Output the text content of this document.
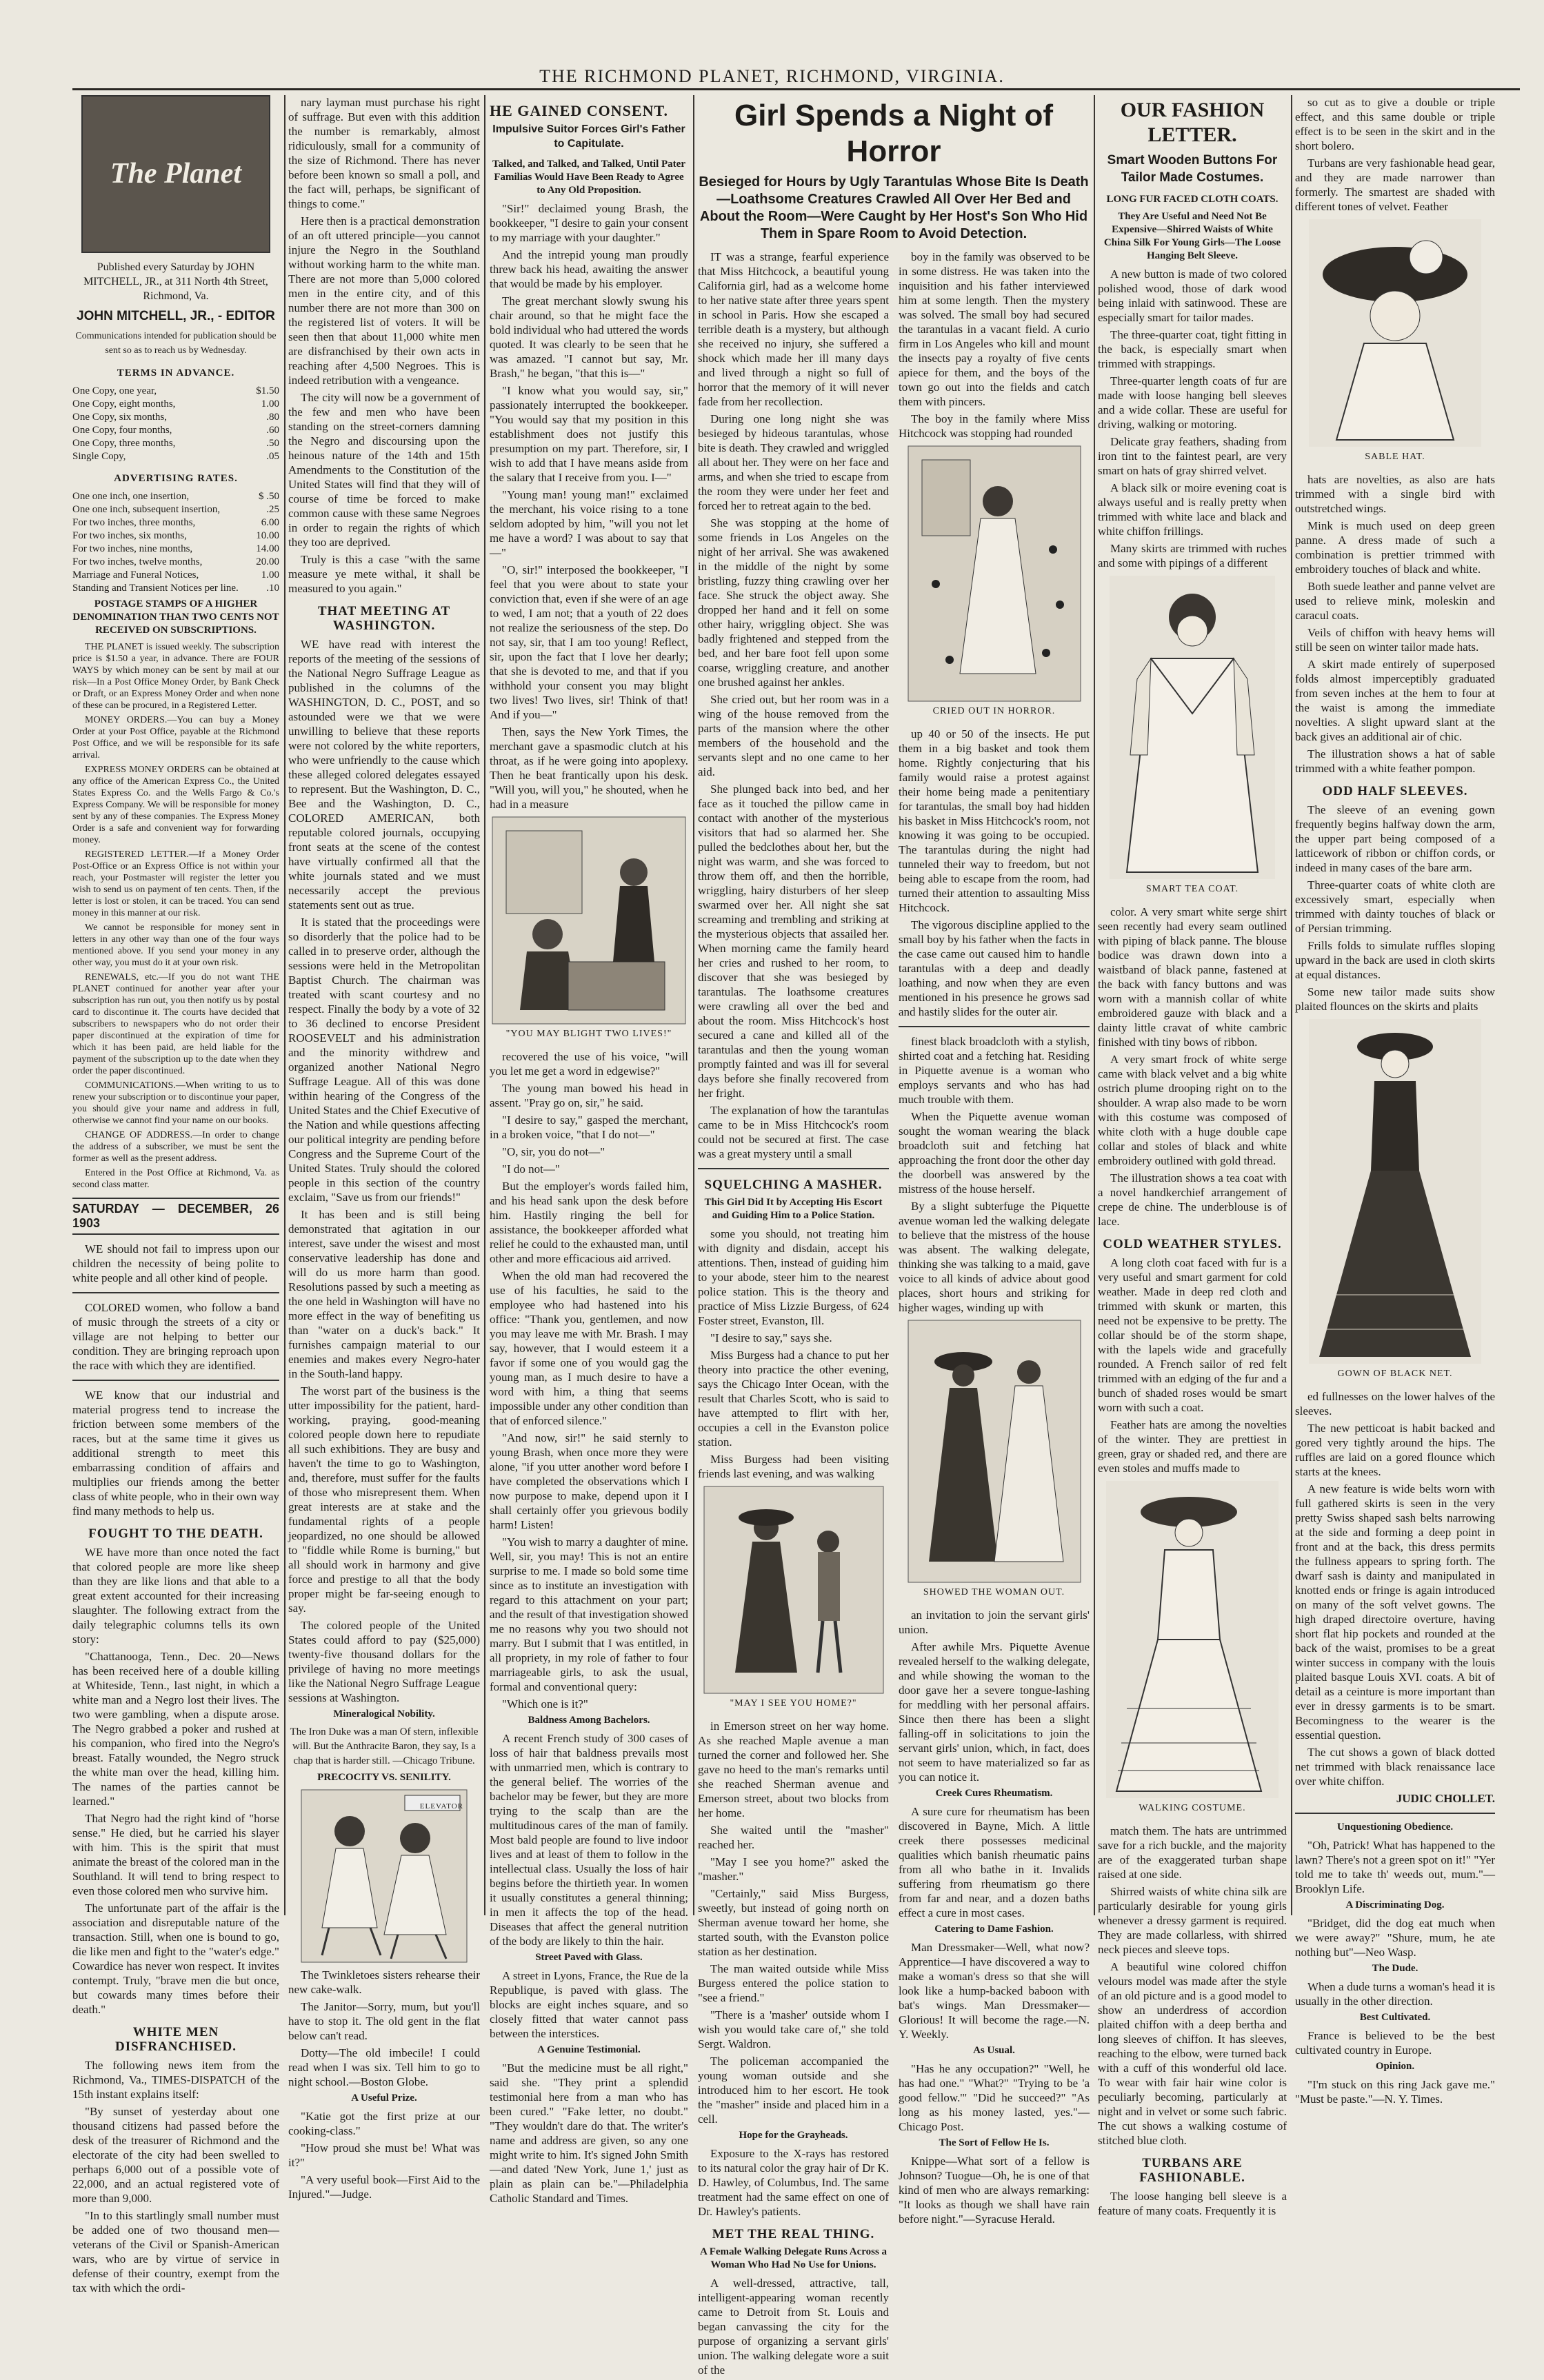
THE RICHMOND PLANET, RICHMOND, VIRGINIA.
The Planet
Published every Saturday by JOHN MITCHELL, JR., at 311 North 4th Street, Richmond, Va.
JOHN MITCHELL, JR., - EDITOR
Communications intended for publication should be sent so as to reach us by Wednesday.
TERMS IN ADVANCE.
One Copy, one year,	$1.50
One Copy, eight months,	1.00
One Copy, six months,	.80
One Copy, four months,	.60
One Copy, three months,	.50
Single Copy,	.05
ADVERTISING RATES.
One one inch, one insertion,	$ .50
One one inch, subsequent insertion,	.25
For two inches, three months,	6.00
For two inches, six months,	10.00
For two inches, nine months,	14.00
For two inches, twelve months,	20.00
Marriage and Funeral Notices,	1.00
Standing and Transient Notices per line.	.10
POSTAGE STAMPS OF A HIGHER DENOMINATION THAN TWO CENTS NOT RECEIVED ON SUBSCRIPTIONS.

THE PLANET is issued weekly. The subscription price is $1.50 a year, in advance. There are FOUR WAYS by which money can be sent by mail at our risk—In a Post Office Money Order, by Bank Check or Draft, or an Express Money Order and when none of these can be procured, in a Registered Letter.

MONEY ORDERS.—You can buy a Money Order at your Post Office, payable at the Richmond Post Office, and we will be responsible for its safe arrival.

EXPRESS MONEY ORDERS can be obtained at any office of the American Express Co., the United States Express Co. and the Wells Fargo & Co.'s Express Company. We will be responsible for money sent by any of these companies. The Express Money Order is a safe and convenient way for forwarding money.

REGISTERED LETTER.—If a Money Order Post-Office or an Express Office is not within your reach, your Postmaster will register the letter you wish to send us on payment of ten cents. Then, if the letter is lost or stolen, it can be traced. You can send money in this manner at our risk.

We cannot be responsible for money sent in letters in any other way than one of the four ways mentioned above. If you send your money in any other way, you must do it at your own risk.

RENEWALS, etc.—If you do not want THE PLANET continued for another year after your subscription has run out, you then notify us by postal card to discontinue it. The courts have decided that subscribers to newspapers who do not order their paper discontinued at the expiration of time for which it has been paid, are held liable for the payment of the subscription up to the date when they order the paper discontinued.

COMMUNICATIONS.—When writing to us to renew your subscription or to discontinue your paper, you should give your name and address in full, otherwise we cannot find your name on our books.

CHANGE OF ADDRESS.—In order to change the address of a subscriber, we must be sent the former as well as the present address.

Entered in the Post Office at Richmond, Va. as second class matter.

SATURDAY — DECEMBER, 26 1903

WE should not fail to impress upon our children the necessity of being polite to white people and all other kind of people.

COLORED women, who follow a band of music through the streets of a city or village are not helping to better our condition. They are bringing reproach upon the race with which they are identified.

WE know that our industrial and material progress tend to increase the friction between some members of the races, but at the same time it gives us additional strength to meet this embarrassing condition of affairs and multiplies our friends among the better class of white people, who in their own way find many methods to help us.

FOUGHT TO THE DEATH.

WE have more than once noted the fact that colored people are more like sheep than they are like lions and that able to a great extent accounted for their increasing slaughter. The following extract from the daily telegraphic columns tells its own story:

"Chattanooga, Tenn., Dec. 20—News has been received here of a double killing at Whiteside, Tenn., last night, in which a white man and a Negro lost their lives. The two were gambling, when a dispute arose. The Negro grabbed a poker and rushed at his companion, who fired into the Negro's breast. Fatally wounded, the Negro struck the white man over the head, killing him. The names of the parties cannot be learned."

That Negro had the right kind of "horse sense." He died, but he carried his slayer with him. This is the spirit that must animate the breast of the colored man in the Southland. It will tend to bring respect to even those colored men who survive him.

The unfortunate part of the affair is the association and disreputable nature of the transaction. Still, when one is bound to go, die like men and fight to the "water's edge." Cowardice has never won respect. It invites contempt. Truly, "brave men die but once, but cowards many times before their death."

WHITE MEN DISFRANCHISED.

The following news item from the Richmond, Va., TIMES-DISPATCH of the 15th instant explains itself:

"By sunset of yesterday about one thousand citizens had passed before the desk of the treasurer of Richmond and the electorate of the city had been swelled to perhaps 6,000 out of a possible vote of 22,000, and an actual registered vote of more than 9,000.

"In to this startlingly small number must be added one of two thousand men—veterans of the Civil or Spanish-American wars, who are by virtue of service in defense of their country, exempt from the tax with which the ordi-

nary layman must purchase his right of suffrage. But even with this addition the number is remarkably, almost ridiculously, small for a community of the size of Richmond. There has never before been known so small a poll, and the fact will, perhaps, be significant of things to come."

Here then is a practical demonstration of an oft uttered principle—you cannot injure the Negro in the Southland without working harm to the white man. There are not more than 5,000 colored men in the entire city, and of this number there are not more than 300 on the registered list of voters. It will be seen then that about 11,000 white men are disfranchised by their own acts in reaching after 4,500 Negroes. This is indeed retribution with a vengeance.

The city will now be a government of the few and men who have been standing on the street-corners damning the Negro and discoursing upon the heinous nature of the 14th and 15th Amendments to the Constitution of the United States will find that they will of course of time be forced to make common cause with these same Negroes in order to regain the rights of which they too are deprived.

Truly is this a case "with the same measure ye mete withal, it shall be measured to you again."

THAT MEETING AT WASHINGTON.

WE have read with interest the reports of the meeting of the sessions of the National Negro Suffrage League as published in the columns of the WASHINGTON, D. C., POST, and so astounded were we that we were unwilling to believe that these reports were not colored by the white reporters, who were unfriendly to the cause which these alleged colored delegates essayed to represent. But the Washington, D. C., Bee and the Washington, D. C., COLORED AMERICAN, both reputable colored journals, occupying front seats at the scene of the contest have virtually confirmed all that the white journals stated and we must necessarily accept the previous statements sent out as true.

It is stated that the proceedings were so disorderly that the police had to be called in to preserve order, although the sessions were held in the Metropolitan Baptist Church. The chairman was treated with scant courtesy and no respect. Finally the body by a vote of 32 to 36 declined to encorse President ROOSEVELT and his administration and the minority withdrew and organized another National Negro Suffrage League. All of this was done within hearing of the Congress of the United States and the Chief Executive of the Nation and while questions affecting our political integrity are pending before Congress and the Supreme Court of the United States. Truly should the colored people in this section of the country exclaim, "Save us from our friends!"

It has been and is still being demonstrated that agitation in our interest, save under the wisest and most conservative leadership has done and will do us more harm than good. Resolutions passed by such a meeting as the one held in Washington will have no more effect in the way of benefiting us than "water on a duck's back." It furnishes campaign material to our enemies and makes every Negro-hater in the South-land happy.

The worst part of the business is the utter impossibility for the patient, hard-working, praying, good-meaning colored people down here to repudiate all such exhibitions. They are busy and haven't the time to go to Washington, and, therefore, must suffer for the faults of those who misrepresent them. When great interests are at stake and the fundamental rights of a people jeopardized, no one should be allowed to "fiddle while Rome is burning," but all should work in harmony and give force and prestige to all that the body proper might be far-seeing enough to say.

The colored people of the United States could afford to pay ($25,000) twenty-five thousand dollars for the privilege of having no more meetings like the National Negro Suffrage League sessions at Washington.

Mineralogical Nobility.

The Iron Duke was a man Of stern, inflexible will. But the Anthracite Baron, they say, Is a chap that is harder still. —Chicago Tribune.

PRECOCITY VS. SENILITY.
ELEVATOR

The Twinkletoes sisters rehearse their new cake-walk.

The Janitor—Sorry, mum, but you'll have to stop it. The old gent in the flat below can't read.

Dotty—The old imbecile! I could read when I was six. Tell him to go to night school.—Boston Globe.

A Useful Prize.

"Katie got the first prize at our cooking-class."

"How proud she must be! What was it?"

"A very useful book—First Aid to the Injured."—Judge.

HE GAINED CONSENT.
Impulsive Suitor Forces Girl's Father to Capitulate.
Talked, and Talked, and Talked, Until Pater Familias Would Have Been Ready to Agree to Any Old Proposition.

"Sir!" declaimed young Brash, the bookkeeper, "I desire to gain your consent to my marriage with your daughter."

And the intrepid young man proudly threw back his head, awaiting the answer that would be made by his employer.

The great merchant slowly swung his chair around, so that he might face the bold individual who had uttered the words quoted. It was clearly to be seen that he was amazed. "I cannot but say, Mr. Brash," he began, "that this is—"

"I know what you would say, sir," passionately interrupted the bookkeeper. "You would say that my position in this establishment does not justify this presumption on my part. Therefore, sir, I wish to add that I have means aside from the salary that I receive from you. I—"

"Young man! young man!" exclaimed the merchant, his voice rising to a tone seldom adopted by him, "will you not let me have a word? I was about to say that—"

"O, sir!" interposed the bookkeeper, "I feel that you were about to state your conviction that, even if she were of an age to wed, I am not; that a youth of 22 does not realize the seriousness of the step. Do not say, sir, that I am too young! Reflect, sir, upon the fact that I love her dearly; that she is devoted to me, and that if you withhold your consent you may blight two lives! Two lives, sir! Think of that! And if you—"

Then, says the New York Times, the merchant gave a spasmodic clutch at his throat, as if he were going into apoplexy. Then he beat frantically upon his desk. "Will you, will you," he shouted, when he had in a measure

"YOU MAY BLIGHT TWO LIVES!"

recovered the use of his voice, "will you let me get a word in edgewise?"

The young man bowed his head in assent. "Pray go on, sir," he said.

"I desire to say," gasped the merchant, in a broken voice, "that I do not—"

"O, sir, you do not—"

"I do not—"

But the employer's words failed him, and his head sank upon the desk before him. Hastily ringing the bell for assistance, the bookkeeper afforded what relief he could to the exhausted man, until other and more efficacious aid arrived.

When the old man had recovered the use of his faculties, he said to the employee who had hastened into his office: "Thank you, gentlemen, and now you may leave me with Mr. Brash. I may say, however, that I would esteem it a favor if some one of you would gag the young man, as I much desire to have a word with him, a thing that seems impossible under any other condition than that of enforced silence."

"And now, sir!" he said sternly to young Brash, when once more they were alone, "if you utter another word before I have completed the observations which I now purpose to make, depend upon it I shall certainly offer you grievous bodily harm! Listen!

"You wish to marry a daughter of mine. Well, sir, you may! This is not an entire surprise to me. I made so bold some time since as to institute an investigation with regard to this attachment on your part; and the result of that investigation showed me no reasons why you two should not marry. But I submit that I was entitled, in all propriety, in my role of father to four marriageable girls, to ask the usual, formal and conventional query:

"Which one is it?"

Baldness Among Bachelors.

A recent French study of 300 cases of loss of hair that baldness prevails most with unmarried men, which is contrary to the general belief. The worries of the bachelor may be fewer, but they are more trying to the scalp than are the multitudinous cares of the man of family. Most bald people are found to live indoor lives and at least of them to follow in the intellectual class. Usually the loss of hair begins before the thirtieth year. In women it usually constitutes a general thinning; in men it affects the top of the head. Diseases that affect the general nutrition of the body are likely to thin the hair.

Street Paved with Glass.

A street in Lyons, France, the Rue de la Republique, is paved with glass. The blocks are eight inches square, and so closely fitted that water cannot pass between the interstices.

A Genuine Testimonial.

"But the medicine must be all right," said she. "They print a splendid testimonial here from a man who has been cured." "Fake letter, no doubt." "They wouldn't dare do that. The writer's name and address are given, so any one might write to him. It's signed John Smith—and dated 'New York, June 1,' just as plain as plain can be."—Philadelphia Catholic Standard and Times.

Girl Spends a Night of Horror
Besieged for Hours by Ugly Tarantulas Whose Bite Is Death—Loathsome Creatures Crawled All Over Her Bed and About the Room—Were Caught by Her Host's Son Who Hid Them in Spare Room to Avoid Detection.

IT was a strange, fearful experience that Miss Hitchcock, a beautiful young California girl, had as a welcome home to her native state after three years spent in school in Paris. How she escaped a terrible death is a mystery, but although she received no injury, she suffered a shock which made her ill many days and lived through a night so full of horror that the memory of it will never fade from her recollection.

During one long night she was besieged by hideous tarantulas, whose bite is death. They crawled and wriggled all about her. They were on her face and arms, and when she tried to escape from the room they were under her feet and forced her to retreat again to the bed.

She was stopping at the home of some friends in Los Angeles on the night of her arrival. She was awakened in the middle of the night by some bristling, fuzzy thing crawling over her face. She struck the object away. She dropped her hand and it fell on some other hairy, wriggling object. She was badly frightened and stepped from the bed, and her bare foot fell upon some coarse, wriggling creature, and another one brushed against her ankles.

She cried out, but her room was in a wing of the house removed from the parts of the mansion where the other members of the household and the servants slept and no one came to her aid.

She plunged back into bed, and her face as it touched the pillow came in contact with another of the mysterious visitors that had so alarmed her. She pulled the bedclothes about her, but the night was warm, and she was forced to throw them off, and then the horrible, wriggling, hairy disturbers of her sleep swarmed over her. All night she sat screaming and trembling and striking at the mysterious objects that assailed her. When morning came the family heard her cries and rushed to her room, to discover that she was besieged by tarantulas. The loathsome creatures were crawling all over the bed and about the room. Miss Hitchcock's host secured a cane and killed all of the tarantulas and then the young woman promptly fainted and was ill for several days before she finally recovered from her fright.

The explanation of how the tarantulas came to be in Miss Hitchcock's room could not be secured at first. The case was a great mystery until a small

SQUELCHING A MASHER.
This Girl Did It by Accepting His Escort and Guiding Him to a Police Station.

some you should, not treating him with dignity and disdain, accept his attentions. Then, instead of guiding him to your abode, steer him to the nearest police station. This is the theory and practice of Miss Lizzie Burgess, of 624 Foster street, Evanston, Ill.

"I desire to say," says she.

Miss Burgess had a chance to put her theory into practice the other evening, says the Chicago Inter Ocean, with the result that Charles Scott, who is said to have attempted to flirt with her, occupies a cell in the Evanston police station.

Miss Burgess had been visiting friends last evening, and was walking

"MAY I SEE YOU HOME?"

in Emerson street on her way home. As she reached Maple avenue a man turned the corner and followed her. She gave no heed to the man's remarks until she reached Sherman avenue and Emerson street, about two blocks from her home.

She waited until the "masher" reached her.

"May I see you home?" asked the "masher."

"Certainly," said Miss Burgess, sweetly, but instead of going north on Sherman avenue toward her home, she started south, with the Evanston police station as her destination.

The man waited outside while Miss Burgess entered the police station to "see a friend."

"There is a 'masher' outside whom I wish you would take care of," she told Sergt. Waldron.

The policeman accompanied the young woman outside and she introduced him to her escort. He took the "masher" inside and placed him in a cell.

Hope for the Grayheads.

Exposure to the X-rays has restored to its natural color the gray hair of Dr K. D. Hawley, of Columbus, Ind. The same treatment had the same effect on one of Dr. Hawley's patients.

MET THE REAL THING.
A Female Walking Delegate Runs Across a Woman Who Had No Use for Unions.

A well-dressed, attractive, tall, intelligent-appearing woman recently came to Detroit from St. Louis and began canvassing the city for the purpose of organizing a servant girls' union. The walking delegate wore a suit of the

boy in the family was observed to be in some distress. He was taken into the inquisition and his father interviewed him at some length. Then the mystery was solved. The small boy had secured the tarantulas in a vacant field. A curio firm in Los Angeles who kill and mount the insects pay a royalty of five cents apiece for them, and the boys of the town go out into the fields and catch them with pincers.

The boy in the family where Miss Hitchcock was stopping had rounded

CRIED OUT IN HORROR.

up 40 or 50 of the insects. He put them in a big basket and took them home. Rightly conjecturing that his family would raise a protest against their home being made a penitentiary for tarantulas, the small boy had hidden his basket in Miss Hitchcock's room, not knowing it was going to be occupied. The tarantulas during the night had tunneled their way to freedom, but not being able to escape from the room, had turned their attention to assaulting Miss Hitchcock.

The vigorous discipline applied to the small boy by his father when the facts in the case came out caused him to handle tarantulas with a deep and deadly loathing, and now when they are even mentioned in his presence he grows sad and hastily slides for the outer air.

finest black broadcloth with a stylish, shirted coat and a fetching hat. Residing in Piquette avenue is a woman who employs servants and who has had much trouble with them.

When the Piquette avenue woman sought the woman wearing the black broadcloth suit and fetching hat approaching the front door the other day the doorbell was answered by the mistress of the house herself.

By a slight subterfuge the Piquette avenue woman led the walking delegate to believe that the mistress of the house was absent. The walking delegate, thinking she was talking to a maid, gave voice to all kinds of advice about good places, short hours and striking for higher wages, winding up with

SHOWED THE WOMAN OUT.

an invitation to join the servant girls' union.

After awhile Mrs. Piquette Avenue revealed herself to the walking delegate, and while showing the woman to the door gave her a severe tongue-lashing for meddling with her personal affairs. Since then there has been a slight falling-off in solicitations to join the servant girls' union, which, in fact, does not seem to have materialized so far as you can notice it.

Creek Cures Rheumatism.

A sure cure for rheumatism has been discovered in Bayne, Mich. A little creek there possesses medicinal qualities which banish rheumatic pains from all who bathe in it. Invalids suffering from rheumatism go there from far and near, and a dozen baths effect a cure in most cases.

Catering to Dame Fashion.

Man Dressmaker—Well, what now? Apprentice—I have discovered a way to make a woman's dress so that she will look like a hump-backed baboon with bat's wings. Man Dressmaker—Glorious! It will become the rage.—N. Y. Weekly.

As Usual.

"Has he any occupation?" "Well, he has had one." "What?" "Trying to be 'a good fellow.'" "Did he succeed?" "As long as his money lasted, yes."—Chicago Post.

The Sort of Fellow He Is.

Knippe—What sort of a fellow is Johnson? Tuogue—Oh, he is one of that kind of men who are always remarking: "It looks as though we shall have rain before night."—Syracuse Herald.

OUR FASHION LETTER.
Smart Wooden Buttons For Tailor Made Costumes.
LONG FUR FACED CLOTH COATS.
They Are Useful and Need Not Be Expensive—Shirred Waists of White China Silk For Young Girls—The Loose Hanging Belt Sleeve.

A new button is made of two colored polished wood, those of dark wood being inlaid with satinwood. These are especially smart for tailor mades.

The three-quarter coat, tight fitting in the back, is especially smart when trimmed with strappings.

Three-quarter length coats of fur are made with loose hanging bell sleeves and a wide collar. These are useful for driving, walking or motoring.

Delicate gray feathers, shading from iron tint to the faintest pearl, are very smart on hats of gray shirred velvet.

A black silk or moire evening coat is always useful and is really pretty when trimmed with white lace and black and white chiffon frillings.

Many skirts are trimmed with ruches and some with pipings of a different

SMART TEA COAT.

color. A very smart white serge shirt seen recently had every seam outlined with piping of black panne. The blouse bodice was drawn down into a waistband of black panne, fastened at the back with fancy buttons and was worn with a mannish collar of white embroidered gauze with black and a dainty little cravat of white cambric finished with tiny bows of ribbon.

A very smart frock of white serge came with black velvet and a big white ostrich plume drooping right on to the shoulder. A wrap also made to be worn with this costume was composed of white cloth with a huge double cape collar and stoles of black and white embroidery outlined with gold thread.

The illustration shows a tea coat with a novel handkerchief arrangement of crepe de chine. The underblouse is of lace.

COLD WEATHER STYLES.

A long cloth coat faced with fur is a very useful and smart garment for cold weather. Made in deep red cloth and trimmed with skunk or marten, this need not be expensive to be pretty. The collar should be of the storm shape, with the lapels wide and gracefully rounded. A French sailor of red felt trimmed with an edging of the fur and a bunch of shaded roses would be smart worn with such a coat.

Feather hats are among the novelties of the winter. They are prettiest in green, gray or shaded red, and there are even stoles and muffs made to

WALKING COSTUME.

match them. The hats are untrimmed save for a rich buckle, and the majority are of the exaggerated turban shape raised at one side.

Shirred waists of white china silk are particularly desirable for young girls whenever a dressy garment is required. They are made collarless, with shirred neck pieces and sleeve tops.

A beautiful wine colored chiffon velours model was made after the style of an old picture and is a good model to show an underdress of accordion plaited chiffon with a deep bertha and long sleeves of chiffon. It has sleeves, reaching to the elbow, were turned back with a cuff of this wonderful old lace. To wear with fair hair wine color is peculiarly becoming, particularly at night and in velvet or some such fabric. The cut shows a walking costume of stitched blue cloth.

TURBANS ARE FASHIONABLE.

The loose hanging bell sleeve is a feature of many coats. Frequently it is

so cut as to give a double or triple effect, and this same double or triple effect is to be seen in the skirt and in the short bolero.

Turbans are very fashionable head gear, and they are made narrower than formerly. The smartest are shaded with different tones of velvet. Feather

SABLE HAT.

hats are novelties, as also are hats trimmed with a single bird with outstretched wings.

Mink is much used on deep green panne. A dress made of such a combination is prettier trimmed with embroidery touches of black and white.

Both suede leather and panne velvet are used to relieve mink, moleskin and caracul coats.

Veils of chiffon with heavy hems will still be seen on winter tailor made hats.

A skirt made entirely of superposed folds almost imperceptibly graduated from seven inches at the hem to four at the waist is among the immediate novelties. A slight upward slant at the back gives an additional air of chic.

The illustration shows a hat of sable trimmed with a white feather pompon.

ODD HALF SLEEVES.

The sleeve of an evening gown frequently begins halfway down the arm, the upper part being composed of a latticework of ribbon or chiffon cords, or indeed in many cases of the bare arm.

Three-quarter coats of white cloth are excessively smart, especially when trimmed with dainty touches of black or of Persian trimming.

Frills folds to simulate ruffles sloping upward in the back are used in cloth skirts at equal distances.

Some new tailor made suits show plaited flounces on the skirts and plaits

GOWN OF BLACK NET.

ed fullnesses on the lower halves of the sleeves.

The new petticoat is habit backed and gored very tightly around the hips. The ruffles are laid on a gored flounce which starts at the knees.

A new feature is wide belts worn with full gathered skirts is seen in the very pretty Swiss shaped sash belts narrowing at the side and forming a deep point in front and at the back, this dress permits the fullness appears to spring forth. The dwarf sash is dainty and manipulated in knotted ends or fringe is again introduced on many of the soft velvet gowns. The high draped directoire overture, having short flat hip pockets and rounded at the back of the waist, promises to be a great winter success in company with the louis plaited basque Louis XVI. coats. A bit of detail as a ceinture is more important than ever in dressy garments is to be smart. Becomingness to the wearer is the essential question.

The cut shows a gown of black dotted net trimmed with black renaissance lace over white chiffon.

JUDIC CHOLLET.

Unquestioning Obedience.

"Oh, Patrick! What has happened to the lawn? There's not a green spot on it!" "Yer told me to take th' weeds out, mum."—Brooklyn Life.

A Discriminating Dog.

"Bridget, did the dog eat much when we were away?" "Shure, mum, he ate nothing but"—Neo Wasp.

The Dude.

When a dude turns a woman's head it is usually in the other direction.

Best Cultivated.

France is believed to be the best cultivated country in Europe.

Opinion.

"I'm stuck on this ring Jack gave me." "Must be paste."—N. Y. Times.
